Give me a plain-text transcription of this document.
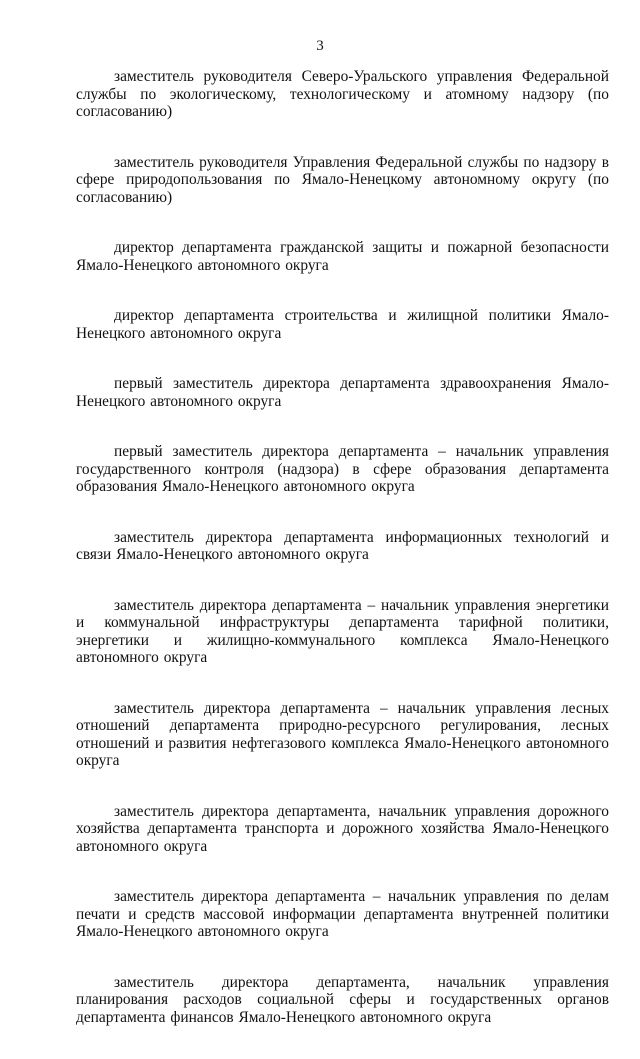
3

заместитель руководителя Северо-Уральского управления Федеральной службы по экологическому, технологическому и атомному надзору (по согласованию)

заместитель руководителя Управления Федеральной службы по надзору в сфере природопользования по Ямало-Ненецкому автономному округу (по согласованию)

директор департамента гражданской защиты и пожарной безопасности Ямало-Ненецкого автономного округа

директор департамента строительства и жилищной политики Ямало-Ненецкого автономного округа

первый заместитель директора департамента здравоохранения Ямало-Ненецкого автономного округа

первый заместитель директора департамента – начальник управления государственного контроля (надзора) в сфере образования департамента образования Ямало-Ненецкого автономного округа

заместитель директора департамента информационных технологий и связи Ямало-Ненецкого автономного округа

заместитель директора департамента – начальник управления энергетики и коммунальной инфраструктуры департамента тарифной политики, энергетики и жилищно-коммунального комплекса Ямало-Ненецкого автономного округа

заместитель директора департамента – начальник управления лесных отношений департамента природно-ресурсного регулирования, лесных отношений и развития нефтегазового комплекса Ямало-Ненецкого автономного округа

заместитель директора департамента, начальник управления дорожного хозяйства департамента транспорта и дорожного хозяйства Ямало-Ненецкого автономного округа

заместитель директора департамента – начальник управления по делам печати и средств массовой информации департамента внутренней политики Ямало-Ненецкого автономного округа

заместитель директора департамента, начальник управления планирования расходов социальной сферы и государственных органов департамента финансов Ямало-Ненецкого автономного округа
